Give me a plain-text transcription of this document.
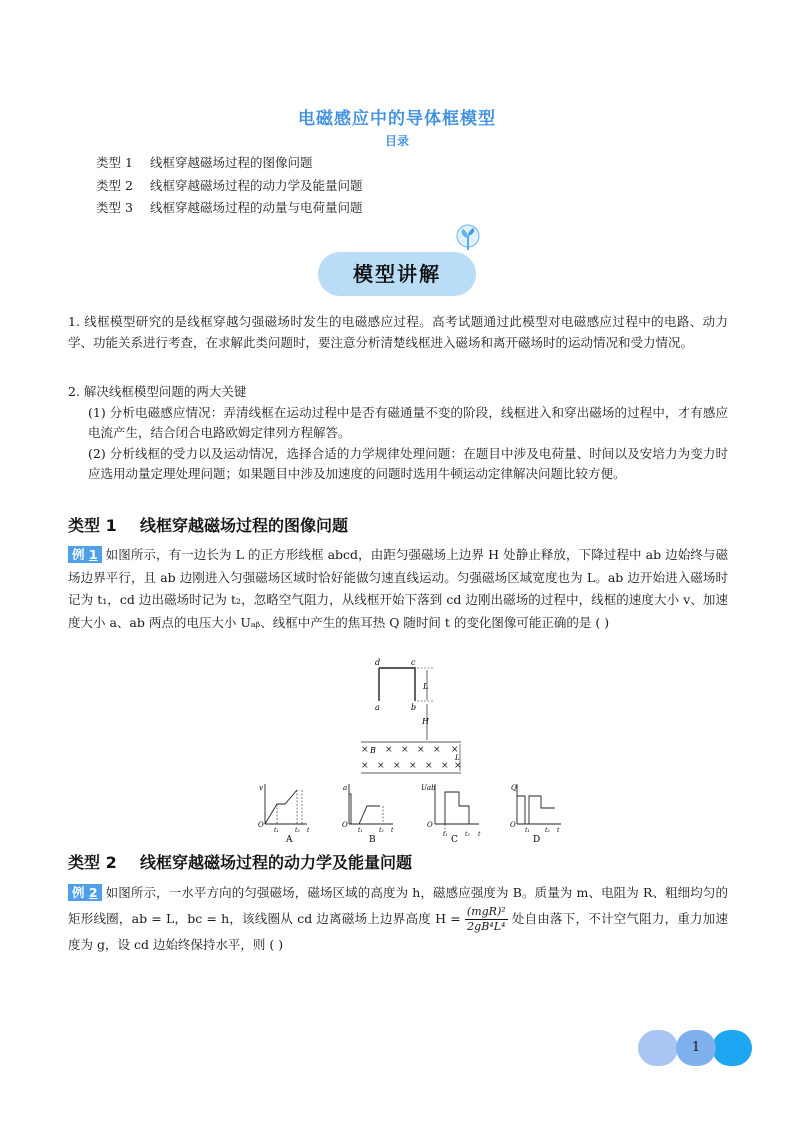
电磁感应中的导体框模型
目录
类型 1 线框穿越磁场过程的图像问题
类型 2 线框穿越磁场过程的动力学及能量问题
类型 3 线框穿越磁场过程的动量与电荷量问题
模型讲解
1. 线框模型研究的是线框穿越匀强磁场时发生的电磁感应过程。高考试题通过此模型对电磁感应过程中的电路、动力学、功能关系进行考查，在求解此类问题时，要注意分析清楚线框进入磁场和离开磁场时的运动情况和受力情况。
2. 解决线框模型问题的两大关键
(1) 分析电磁感应情况：弄清线框在运动过程中是否有磁通量不变的阶段，线框进入和穿出磁场的过程中，才有感应电流产生，结合闭合电路欧姆定律列方程解答。
(2) 分析线框的受力以及运动情况，选择合适的力学规律处理问题：在题目中涉及电荷量、时间以及安培力为变力时应选用动量定理处理问题；如果题目中涉及加速度的问题时选用牛顿运动定律解决问题比较方便。
类型 1 线框穿越磁场过程的图像问题
例 1 如图所示，有一边长为 L 的正方形线框 abcd，由距匀强磁场上边界 H 处静止释放，下降过程中 ab 边始终与磁场边界平行，且 ab 边刚进入匀强磁场区域时恰好能做匀速直线运动。匀强磁场区域宽度也为 L。ab 边开始进入磁场时记为 t₁，cd 边出磁场时记为 t₂，忽略空气阻力，从线框开始下落到 cd 边刚出磁场的过程中，线框的速度大小 v、加速度大小 a、ab 两点的电压大小 Uₐᵦ、线框中产生的焦耳热 Q 随时间 t 的变化图像可能正确的是 ( )
d	c
a	b
L
H
× × × × × ×
× × × × × × ×
B
L
v
O
t₁	t₂ t
A
a
O
t₁	t₂ t
B
Uab
O
t₁	t₂ t
C
Q
O
t₁	t₂ t
D
类型 2 线框穿越磁场过程的动力学及能量问题
例 2 如图所示，一水平方向的匀强磁场，磁场区域的高度为 h，磁感应强度为 B。质量为 m、电阻为 R、粗细均匀的矩形线圈，ab = L，bc = h，该线圈从 cd 边离磁场上边界高度 $H = \frac{\text{(mgR)²}}{\text{2gB⁴L⁴}}$ 处自由落下，不计空气阻力，重力加速度为 g，设 cd 边始终保持水平，则 ( )
1
